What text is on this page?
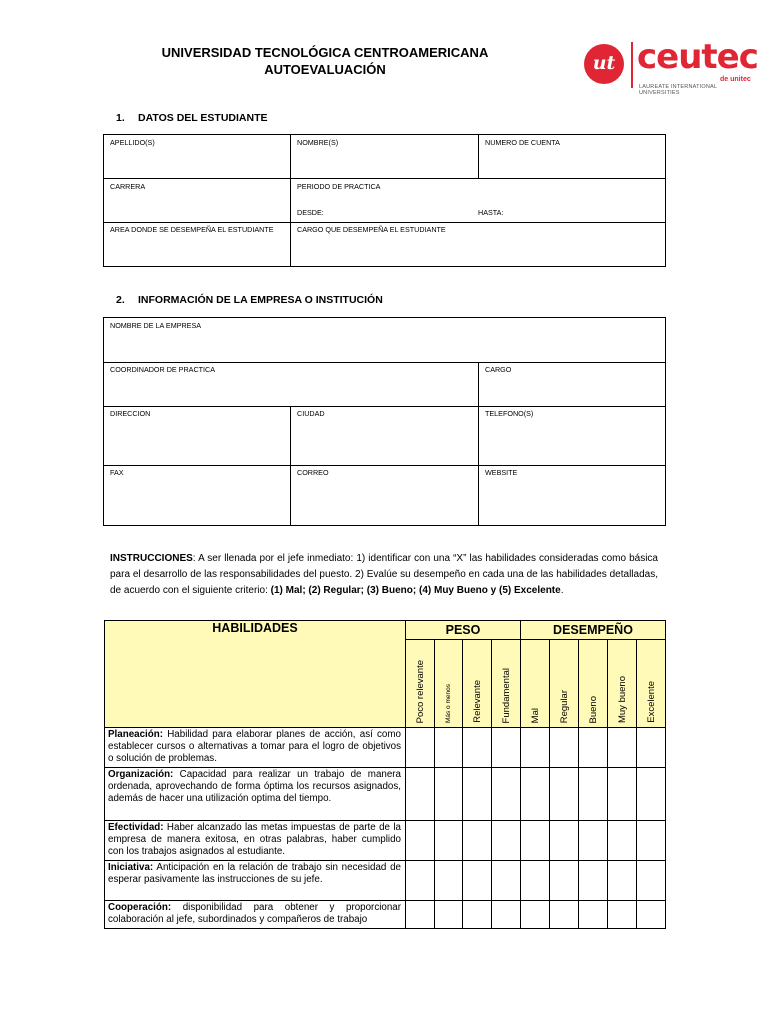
UNIVERSIDAD TECNOLÓGICA CENTROAMERICANA
AUTOEVALUACIÓN	ut ceutec
de unitec
LAUREATE INTERNATIONAL UNIVERSITIES
1. DATOS DEL ESTUDIANTE
APELLIDO(S)	NOMBRE(S)	NUMERO DE CUENTA
CARRERA	PERIODO DE PRACTICA
DESDE:	HASTA:
AREA DONDE SE DESEMPEÑA EL ESTUDIANTE	CARGO QUE DESEMPEÑA EL ESTUDIANTE
2. INFORMACIÓN DE LA EMPRESA O INSTITUCIÓN
NOMBRE DE LA EMPRESA
COORDINADOR DE PRACTICA	CARGO
DIRECCION	CIUDAD	TELEFONO(S)
FAX	CORREO	WEBSITE
INSTRUCCIONES: A ser llenada por el jefe inmediato: 1) identificar con una “X” las habilidades consideradas como básica para el desarrollo de las responsabilidades del puesto. 2) Evalúe su desempeño en cada una de las habilidades detalladas, de acuerdo con el siguiente criterio: (1) Mal; (2) Regular; (3) Bueno; (4) Muy Bueno y (5) Excelente.
HABILIDADES	PESO				DESEMPEÑO				

	Poco relevante	Más o menos	Relevante	Fundamental	Mal	Regular	Bueno	Muy bueno	Excelente

Planeación: Habilidad para elaborar planes de acción, así como establecer cursos o alternativas a tomar para el logro de objetivos o solución de problemas.									
Organización: Capacidad para realizar un trabajo de manera ordenada, aprovechando de forma óptima los recursos asignados, además de hacer una utilización optima del tiempo.									
Efectividad: Haber alcanzado las metas impuestas de parte de la empresa de manera exitosa, en otras palabras, haber cumplido con los trabajos asignados al estudiante.									
Iniciativa: Anticipación en la relación de trabajo sin necesidad de esperar pasivamente las instrucciones de su jefe.									
Cooperación: disponibilidad para obtener y proporcionar colaboración al jefe, subordinados y compañeros de trabajo									
